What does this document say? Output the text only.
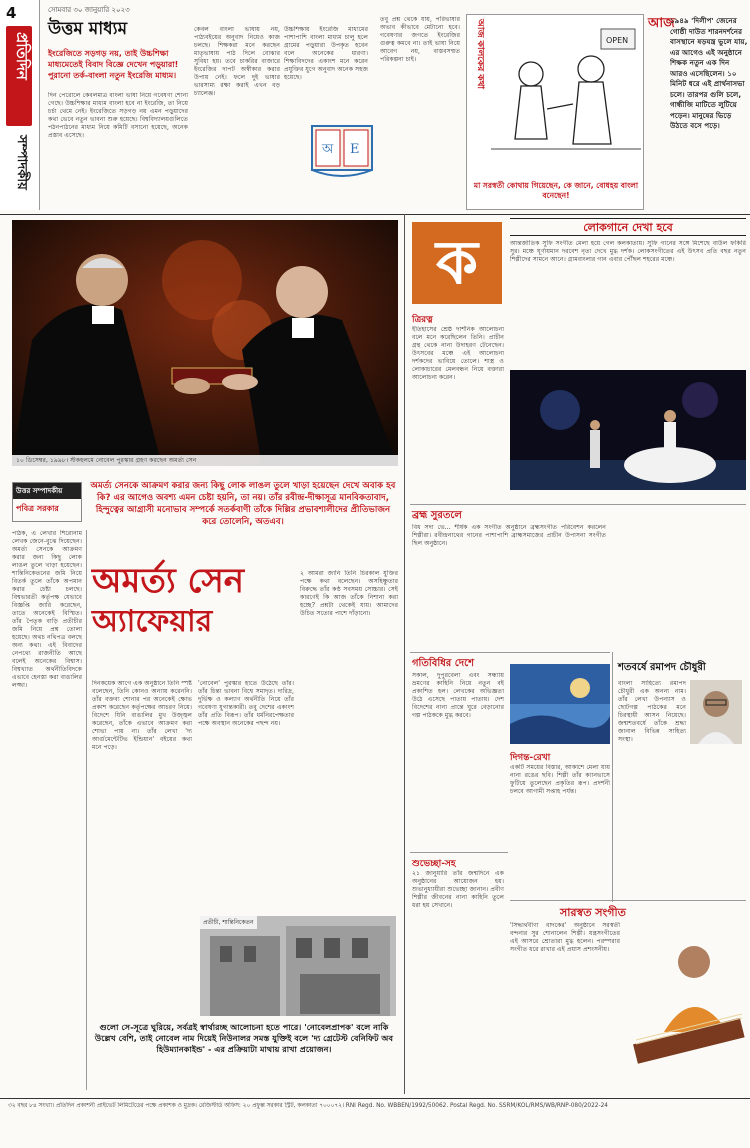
4
প্রতিদিন
সম্পাদকীয়
সোমবার ৩০ জানুয়ারি ২০২৩
উত্তম মাধ্যম
ইংরেজিতে সড়গড় নয়, তাই উচ্চশিক্ষা মাধ্যমেতেই বিবাদ বিজ্ঞে দেখেন পড়ুয়ারা! পুরানো তর্ক-বাংলা নতুন ইংরেজি মাধ্যম।
দিন পেরোলে কেবলমাত্র বাংলা ভাষা নিয়ে গবেষণা শোনা গেছে। উচ্চশিক্ষার মাধ্যম বাংলা হবে না ইংরেজি, তা নিয়ে চর্চা থেমে নেই। ইংরেজিতে সড়গড় নয় এমন পড়ুয়াদের কথা ভেবে নতুন ভাবনা শুরু হয়েছে। বিশ্ববিদ্যালয়গুলিতে পঠনপাঠনের মাধ্যম নিয়ে কমিটি বসানো হয়েছে, অনেক প্রস্তাব এসেছে।
কেবল বাংলা ভাষায় নয়, পাঠ্যবইয়ের অনুবাদ নিয়েও কাজ চলছে। শিক্ষকরা মনে করছেন মাতৃভাষায় পাঠ দিলে বোঝার সুবিধা হয়। তবে চাকরির বাজারে ইংরেজির দাপট অস্বীকার করার উপায় নেই। ফলে দুই ভাষার ভারসাম্য রক্ষা করাই এখন বড় চ্যালেঞ্জ।
উচ্চশিক্ষায় ইংরেজি মাধ্যমের পাশাপাশি বাংলা মাধ্যম চালু হলে গ্রামের পড়ুয়ারা উপকৃত হবেন বলে অনেকের ধারণা। শিক্ষাবিদদের একাংশ মনে করেন প্রযুক্তির যুগে অনুবাদ অনেক সহজ হয়েছে।
অ E
তবু প্রশ্ন থেকে যায়, পরিভাষার অভাব কীভাবে মেটানো হবে। গবেষণার জগতে ইংরেজির গুরুত্ব কমবে না। তাই ভাষা নিয়ে আবেগ নয়, বাস্তবসম্মত পরিকল্পনা চাই।	আজ কালকের কথা	OPEN
মা সরস্বতী কোথায় গিয়েছেন, কে জানে, বোধহয় বাংলা বনেছেন!
আজ
১৯৪৯ 'দিলীপ' জেনের গোষ্ঠী দাউত শারনদর্শনের বাসস্থানে ষড়যন্ত্র ভুলে যায়, এর আগেও এই অনুষ্ঠানে শিক্ষক নতুন এক দিন আরও এসেছিলেন। ১০ মিনিট ধরে এই প্রার্থনাসভা চলে। তারপর গুলি চলে, গান্ধীজি মাটিতে লুটিয়ে পড়েন। মানুষের ভিড়ে উঠতে বসে পড়ে।
১০ ডিসেম্বর, ১৯৯৮। স্টকহলমে নোবেল পুরস্কার গ্রহণ করছেন অমর্ত্য সেন
উত্তর সম্পাদকীয়
পবিত্র সরকার
অমর্ত্য সেনকে আক্রমণ করার জন্য কিছু লোক লাঙল তুলে খাড়া হয়েছেন দেখে অবাক হব কি? এর আগেও অবশ্য এমন চেষ্টা হয়নি, তা নয়। তাঁর রবীন্দ্র-দীক্ষাসূত্র মানবিকতাবাদ, হিন্দুত্বের আগ্রাসী মনোভাব সম্পর্কে সতর্কবাণী তাঁকে দিল্লির প্রভাবশালীদের প্রীতিভাজন করে তোলেনি, অতএব।
পাঠক, এ লেখার শিরোনাম লেখক জেনে-বুঝে দিয়েছেন। অমর্ত্য সেনকে আক্রমণ করার জন্য কিছু লোক লাঙল তুলে খাড়া হয়েছেন। শান্তিনিকেতনের জমি নিয়ে বিতর্ক তুলে তাঁকে অপমান করার চেষ্টা চলছে। বিশ্বভারতী কর্তৃপক্ষ যেভাবে বিজ্ঞপ্তি জারি করেছেন, তাতে অনেকেই বিস্মিত। তাঁর পৈতৃক বাড়ি প্রতীচীর জমি নিয়ে প্রশ্ন তোলা হয়েছে। অথচ নথিপত্র বলছে অন্য কথা। এই বিবাদের নেপথ্যে রাজনীতি আছে বলেই অনেকের বিশ্বাস। বিশ্বখ্যাত অর্থনীতিবিদকে এভাবে হেনস্তা করা বাঙালির লজ্জা।
অমর্ত্য সেন
অ্যাফেয়ার
দিনকয়েক আগে এক অনুষ্ঠানে তিনি স্পষ্ট বলেছেন, তিনি কোনও অন্যায় করেননি। তাঁর বক্তব্য শোনার পর অনেকেই ক্ষোভ প্রকাশ করেছেন কর্তৃপক্ষের আচরণ নিয়ে। বিদেশে যিনি বাঙালির মুখ উজ্জ্বল করেছেন, তাঁকে এভাবে আক্রমণ করা শোভা পায় না। তাঁর লেখা 'দ্য আর্গুমেন্টেটিভ ইন্ডিয়ান' বইয়ের কথা মনে পড়ে।
'নোবেল' পুরস্কার হাতে উঠেছে তাঁর। তাঁর চিন্তা ভাবনা বিশ্বে সমাদৃত। দারিদ্র, দুর্ভিক্ষ ও কল্যাণ অর্থনীতি নিয়ে তাঁর গবেষণা যুগান্তকারী। তবু দেশের একাংশ তাঁর প্রতি বিরূপ। তাঁর ধর্মনিরপেক্ষতার পক্ষে অবস্থান অনেকের পছন্দ নয়।
২ আমরা জানি তিনি চিরকাল যুক্তির পক্ষে কথা বলেছেন। অসহিষ্ণুতার বিরুদ্ধে তাঁর কণ্ঠ সবসময় সোচ্চার। সেই কারণেই কি আজ তাঁকে নিশানা করা হচ্ছে? প্রশ্নটা থেকেই যায়। আমাদের উচিত সত্যের পাশে দাঁড়ানো।
প্রতীচী, শান্তিনিকেতন
গুলো সে-সূত্রে ঘুরিয়ে, সর্বত্রই স্বার্থারচ্ছ আলোচনা হতে পারে। 'নোবেলপ্রাপক' বলে নাকি উল্লেখ বেশি, তাই নোবেল নাম দিয়েই নিউনালর সমস্ত যুক্তিই বলে 'দ্য গ্রেটেস্ট বেনিফিট অব হিউম্যানকাইন্ড' - এর প্রক্রিয়াটা মাথায় রাখা প্রয়োজন।
ক
ত্রিরত্ন
লোকগানে দেখা হবে
ইতিহাসের শ্রেষ্ঠ দার্শনিক আলোচনা বলে মনে করেছিলেন তিনি। প্রাচীন গ্রন্থ থেকে নানা উদাহরণ টেনেছেন। উৎসবের মঞ্চে এই আলোচনা দর্শকদের ভাবিয়ে তোলে। শাস্ত্র ও লোকাচারের মেলবন্ধন নিয়ে বক্তারা আলোচনা করেন।
আন্তর্জাতিক সুফি সংগীত মেলা হয়ে গেল কলকাতায়। সুফি গানের সঙ্গে মিশেছে বাউল ফকিরি সুর। মঞ্চে ঘূর্ণায়মান দরবেশ নৃত্য দেখে মুগ্ধ দর্শক। লোকসংগীতের এই উৎসব প্রতি বছর নতুন শিল্পীদের সামনে আনে। গ্রামবাংলার গান এবার পৌঁছল শহরের মঞ্চে।
ব্রহ্ম সুরতলে
বিধ সদা ভে... শীর্ষক এক সংগীত অনুষ্ঠানে ব্রহ্মসংগীত পরিবেশন করলেন শিল্পীরা। রবীন্দ্রনাথের গানের পাশাপাশি ব্রাহ্মসমাজের প্রাচীন উপাসনা সংগীত ছিল অনুষ্ঠানে।
গতিবিধির দেশে
সকাল, দুপুরবেলা এবং সন্ধ্যায় ভ্রমণের কাহিনি নিয়ে নতুন বই প্রকাশিত হল। লেখকের অভিজ্ঞতা উঠে এসেছে পাতায় পাতায়। দেশ বিদেশের নানা প্রান্তে ঘুরে বেড়ানোর গল্প পাঠককে মুগ্ধ করবে।
শুভেচ্ছা-সহ
২১ জানুয়ারি তাঁর জন্মদিনে এক অনুষ্ঠানের আয়োজন হয়। শুভানুধ্যায়ীরা শুভেচ্ছা জানান। প্রবীণ শিল্পীর জীবনের নানা কাহিনি তুলে ধরা হয় সেখানে।
দিগন্ত-রেখা
একটি সময়ের বিস্তার, আকাশে মেলা যায় নানা রঙের ছবি। শিল্পী তাঁর ক্যানভাসে ফুটিয়ে তুলেছেন প্রকৃতির রূপ। প্রদর্শনী চলবে আগামী সপ্তাহ পর্যন্ত।
শতবর্ষে রমাপদ চৌধুরী
বাংলা সাহিত্যে রমাপদ চৌধুরী এক অনন্য নাম। তাঁর লেখা উপন্যাস ও ছোটগল্প পাঠকের মনে চিরস্থায়ী আসন নিয়েছে। জন্মশতবর্ষে তাঁকে শ্রদ্ধা জানাল বিভিন্ন সাহিত্য সংস্থা।
সারস্বত সংগীত
'সিদ্ধার্থবীণা বাদকের' অনুষ্ঠানে সরস্বতী বন্দনার সুর শোনালেন শিল্পী। যন্ত্রসংগীতের এই আসরে শ্রোতারা মুগ্ধ হলেন। পরম্পরার সংগীত ধরে রাখার এই প্রয়াস প্রশংসনীয়।
৩২ বছর ৮৪ সংখ্যা। প্রতিদিন প্রকাশনী প্রাইভেট লিমিটেডের পক্ষে প্রকাশক ও মুদ্রক। রেজিস্টার্ড অফিস: ২০ প্রফুল্ল সরকার স্ট্রিট, কলকাতা ৭০০০৭২। RNI Regd. No. WBBEN/1992/50062. Postal Regd. No. SSRM/KOL/RMS/WB/RNP-080/2022-24
